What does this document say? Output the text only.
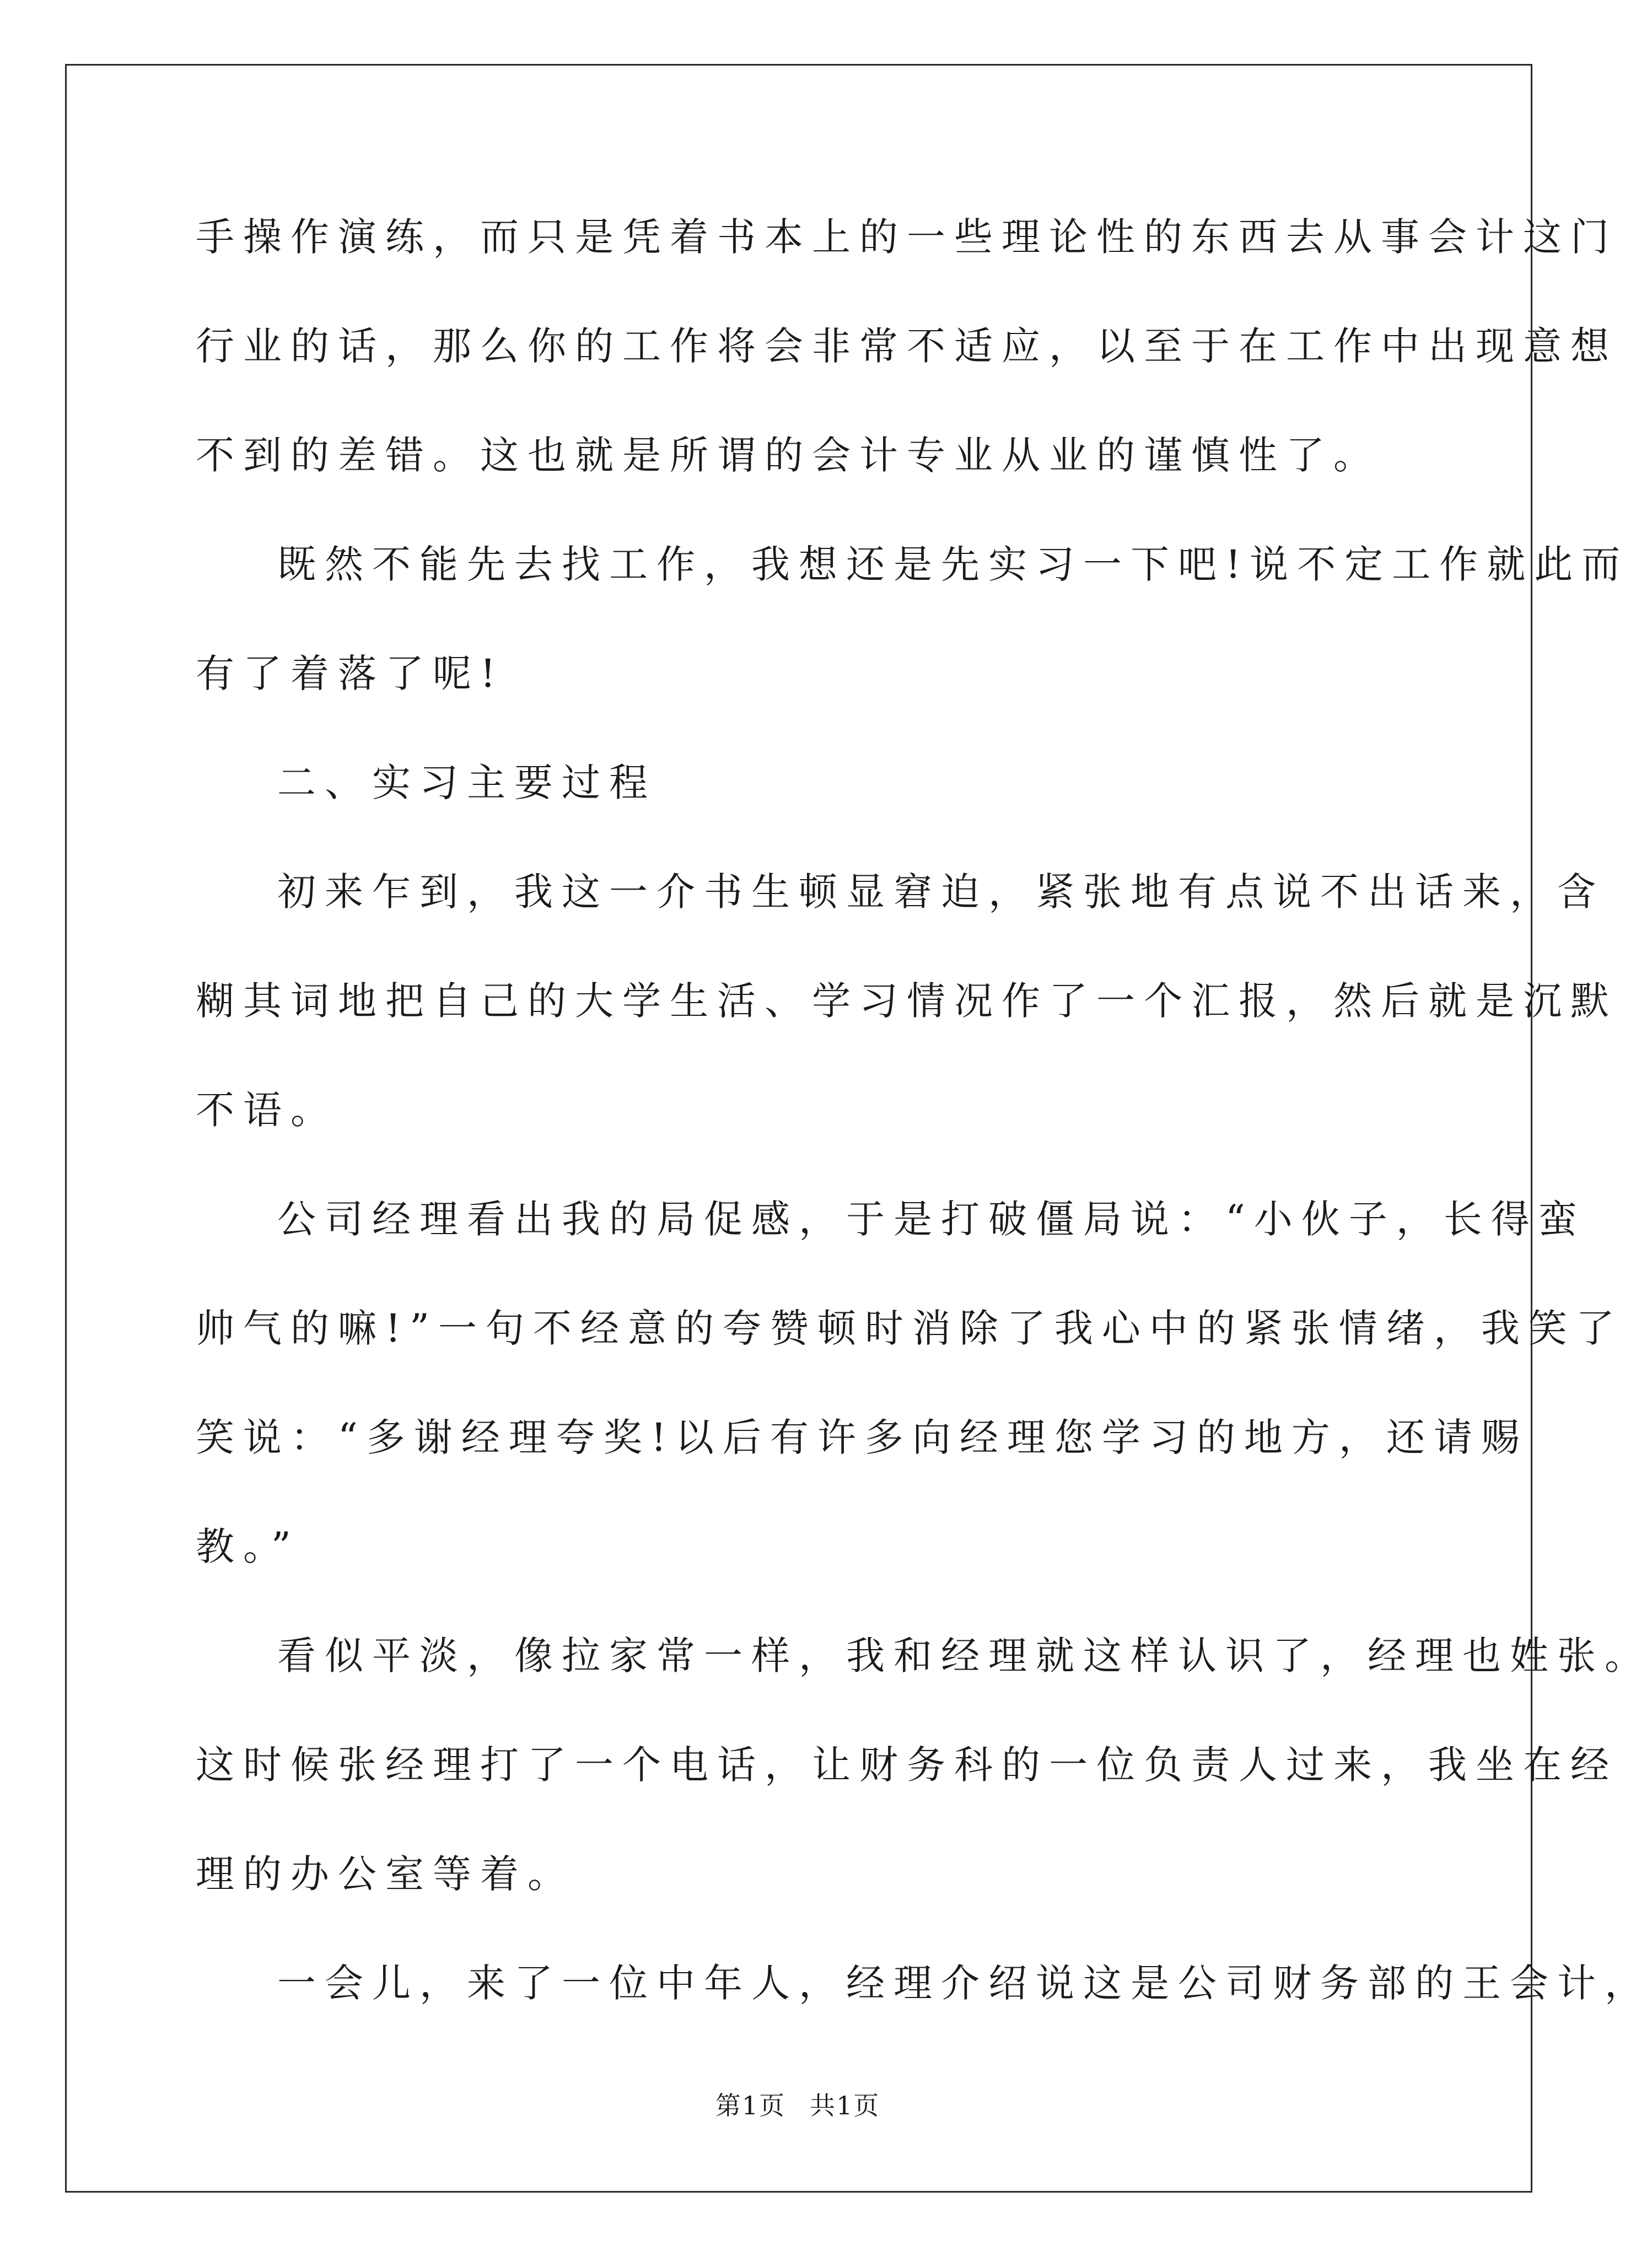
手操作演练，而只是凭着书本上的一些理论性的东西去从事会计这门
行业的话，那么你的工作将会非常不适应，以至于在工作中出现意想
不到的差错。这也就是所谓的会计专业从业的谨慎性了。
既然不能先去找工作，我想还是先实习一下吧!说不定工作就此而
有了着落了呢!
二、实习主要过程
初来乍到，我这一介书生顿显窘迫，紧张地有点说不出话来，含
糊其词地把自己的大学生活、学习情况作了一个汇报，然后就是沉默
不语。
公司经理看出我的局促感，于是打破僵局说：“小伙子，长得蛮
帅气的嘛!”一句不经意的夸赞顿时消除了我心中的紧张情绪，我笑了
笑说：“多谢经理夸奖!以后有许多向经理您学习的地方，还请赐
教。”
看似平淡，像拉家常一样，我和经理就这样认识了，经理也姓张。
这时候张经理打了一个电话，让财务科的一位负责人过来，我坐在经
理的办公室等着。
一会儿，来了一位中年人，经理介绍说这是公司财务部的王会计，
第1页 共1页
